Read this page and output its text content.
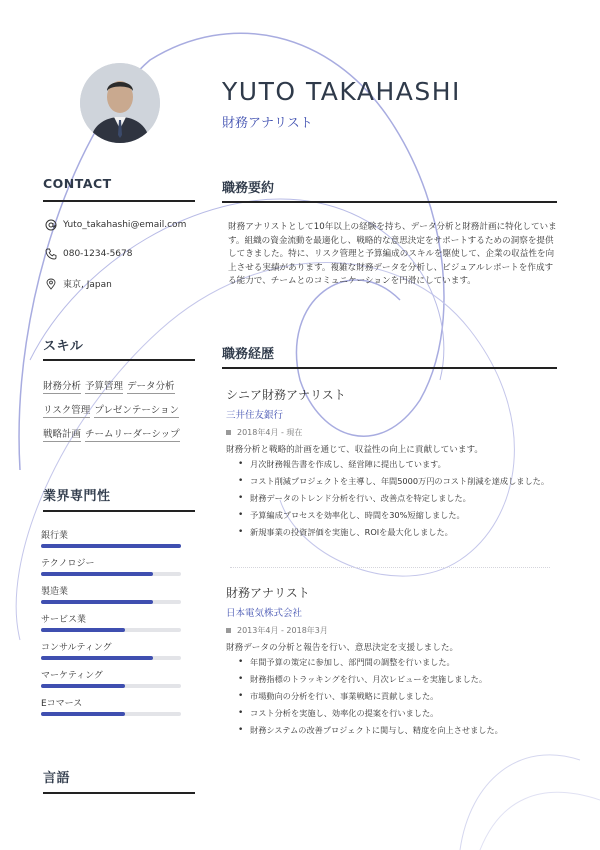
YUTO TAKAHASHI
財務アナリスト
CONTACT
Yuto_takahashi@email.com
080-1234-5678
東京, Japan
スキル
財務分析 予算管理 データ分析
リスク管理 プレゼンテーション
戦略計画 チームリーダーシップ
業界専門性
銀行業
テクノロジー
製造業
サービス業
コンサルティング
マーケティング
Eコマース
言語
職務要約
財務アナリストとして10年以上の経験を持ち、データ分析と財務計画に特化しています。組織の資金流動を最適化し、戦略的な意思決定をサポートするための洞察を提供してきました。特に、リスク管理と予算編成のスキルを駆使して、企業の収益性を向上させる実績があります。複雑な財務データを分析し、ビジュアルレポートを作成する能力で、チームとのコミュニケーションを円滑にしています。
職務経歴
シニア財務アナリスト
三井住友銀行
2018年4月 - 現在
財務分析と戦略的計画を通じて、収益性の向上に貢献しています。
• 月次財務報告書を作成し、経営陣に提出しています。
• コスト削減プロジェクトを主導し、年間5000万円のコスト削減を達成しました。
• 財務データのトレンド分析を行い、改善点を特定しました。
• 予算編成プロセスを効率化し、時間を30%短縮しました。
• 新規事業の投資評価を実施し、ROIを最大化しました。
財務アナリスト
日本電気株式会社
2013年4月 - 2018年3月
財務データの分析と報告を行い、意思決定を支援しました。
• 年間予算の策定に参加し、部門間の調整を行いました。
• 財務指標のトラッキングを行い、月次レビューを実施しました。
• 市場動向の分析を行い、事業戦略に貢献しました。
• コスト分析を実施し、効率化の提案を行いました。
• 財務システムの改善プロジェクトに関与し、精度を向上させました。
